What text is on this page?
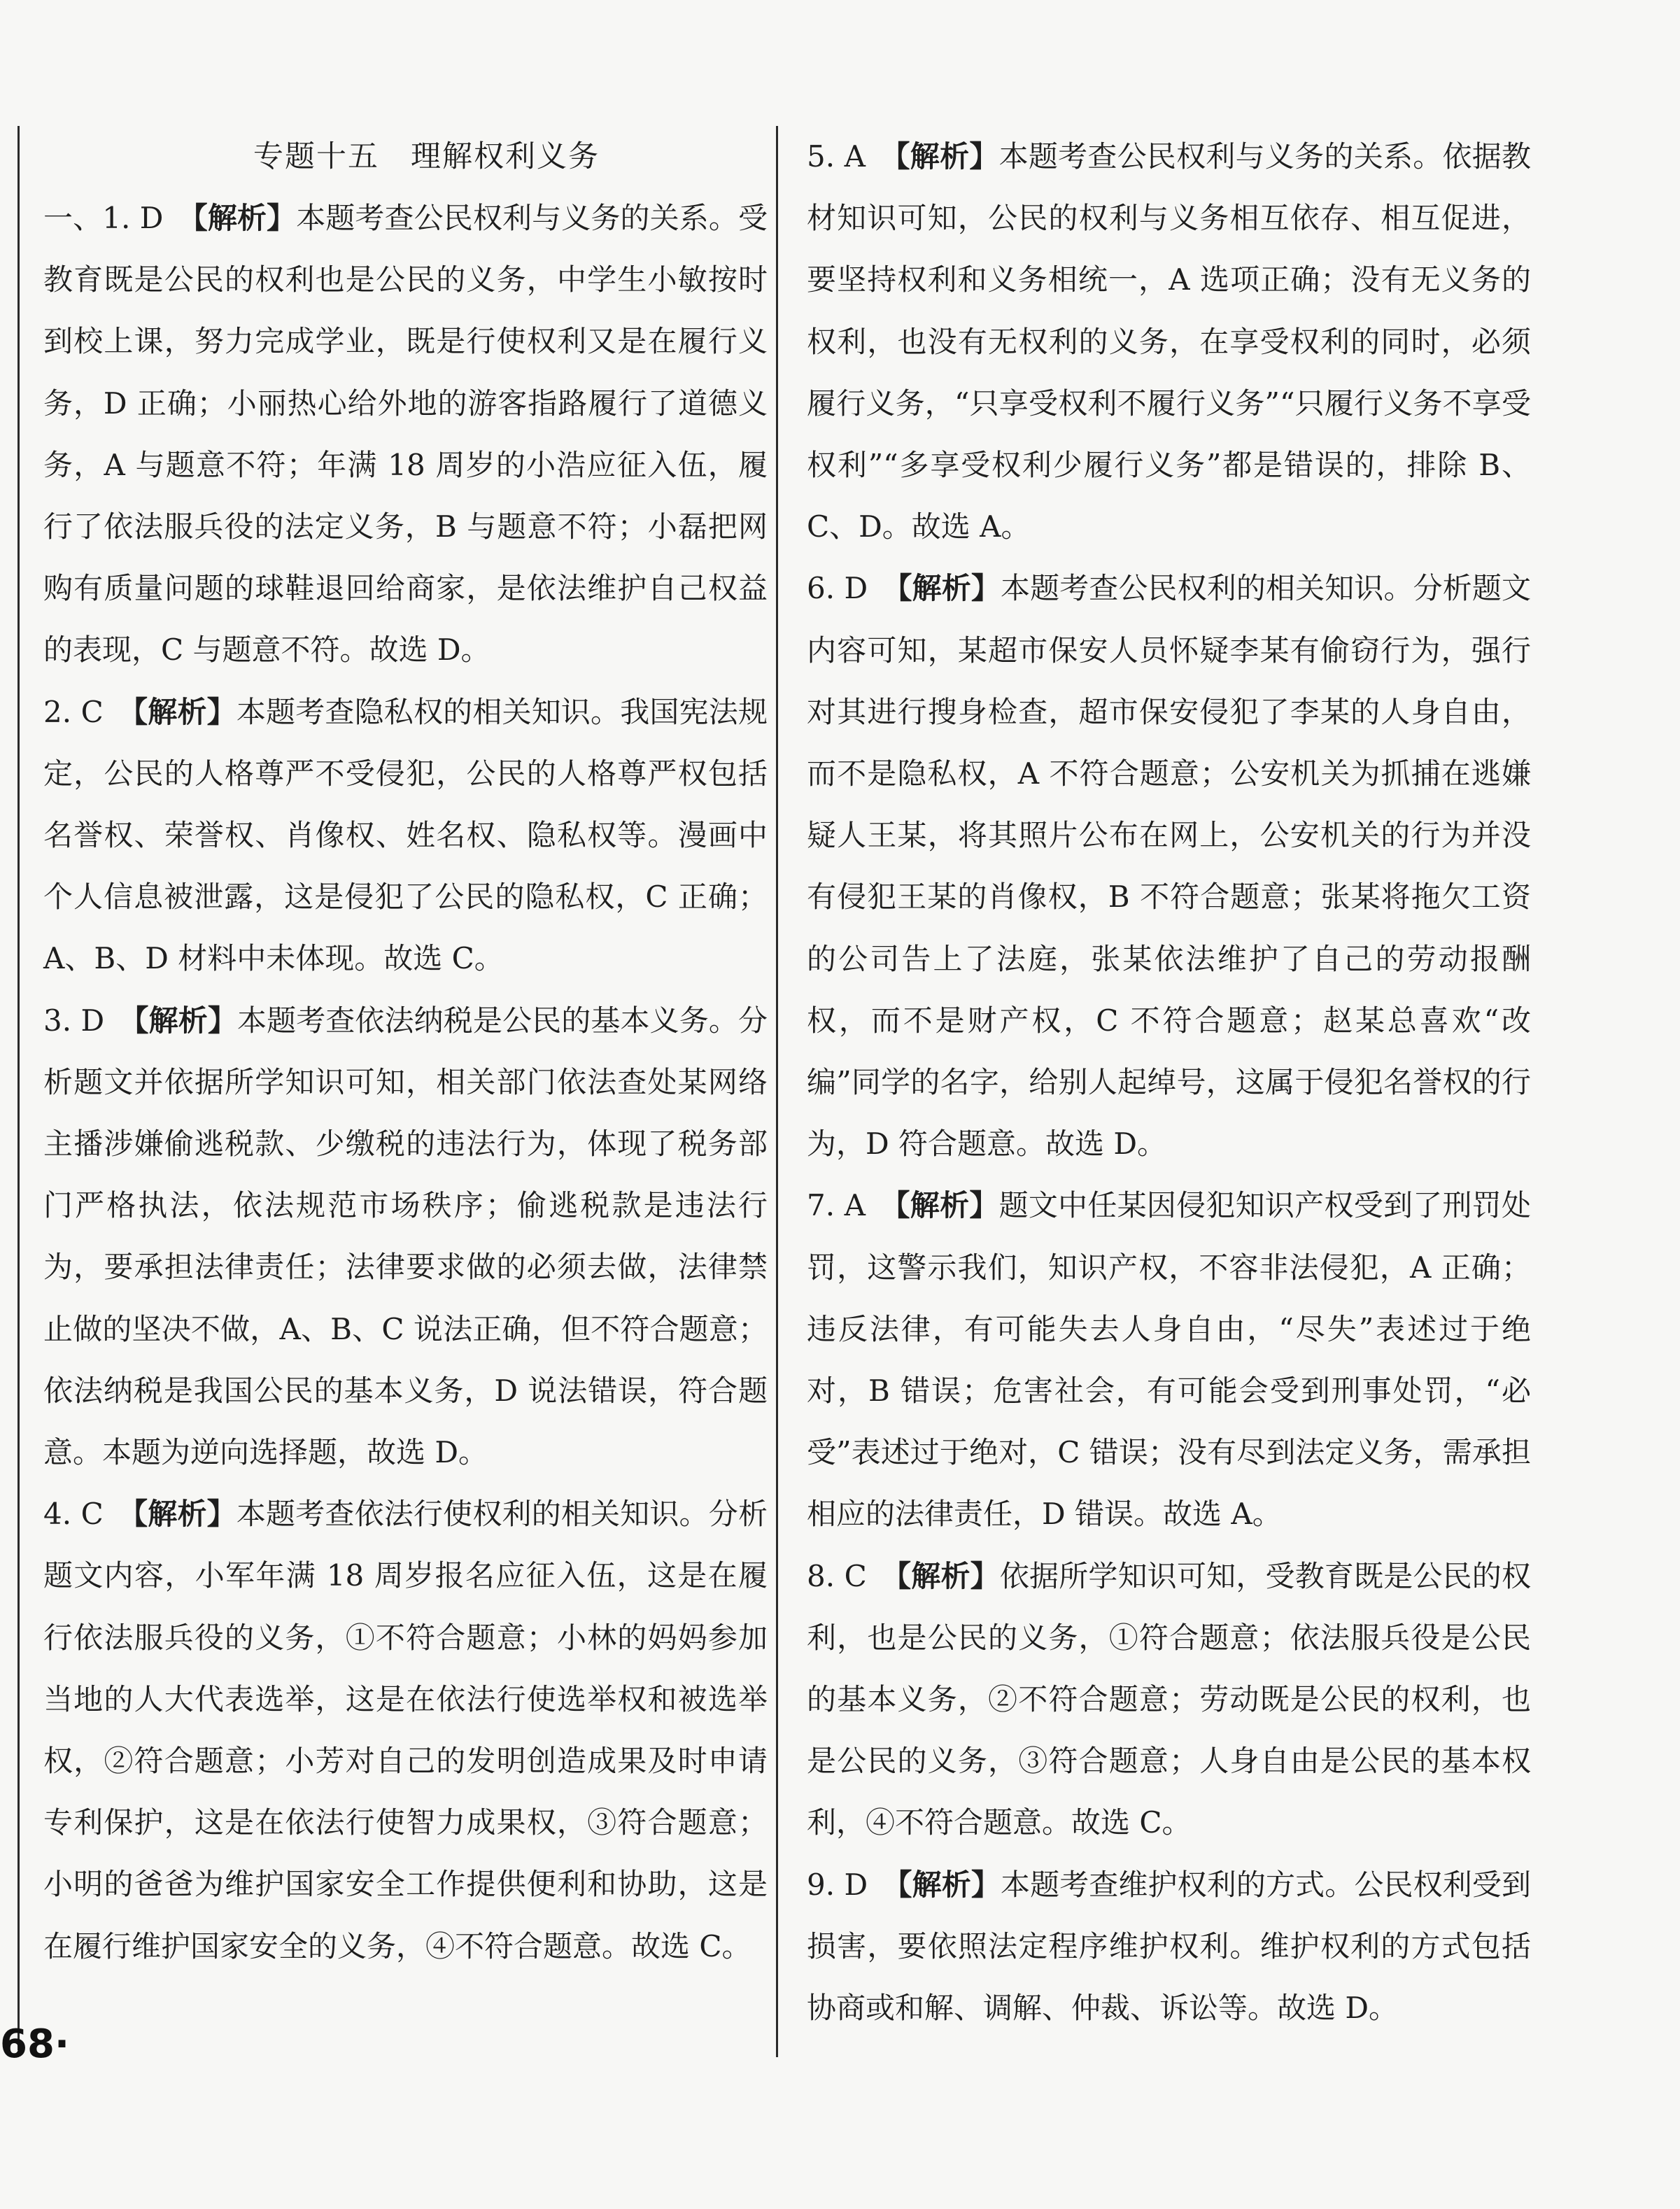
专题十五　理解权利义务

一、1. D　 【解析】本题考查公民权利与义务的关系。受教育既是公民的权利也是公民的义务，中学生小敏按时到校上课，努力完成学业，既是行使权利又是在履行义务，D 正确；小丽热心给外地的游客指路履行了道德义务，A 与题意不符；年满 18 周岁的小浩应征入伍，履行了依法服兵役的法定义务，B 与题意不符；小磊把网购有质量问题的球鞋退回给商家，是依法维护自己权益的表现，C 与题意不符。故选 D。

2. C　 【解析】本题考查隐私权的相关知识。我国宪法规定，公民的人格尊严不受侵犯，公民的人格尊严权包括名誉权、荣誉权、肖像权、姓名权、隐私权等。漫画中个人信息被泄露，这是侵犯了公民的隐私权，C 正确；A、B、D 材料中未体现。故选 C。

3. D　 【解析】本题考查依法纳税是公民的基本义务。分析题文并依据所学知识可知，相关部门依法查处某网络主播涉嫌偷逃税款、少缴税的违法行为，体现了税务部门严格执法，依法规范市场秩序；偷逃税款是违法行为，要承担法律责任；法律要求做的必须去做，法律禁止做的坚决不做，A、B、C 说法正确，但不符合题意；依法纳税是我国公民的基本义务，D 说法错误，符合题意。本题为逆向选择题，故选 D。

4. C　 【解析】本题考查依法行使权利的相关知识。分析题文内容，小军年满 18 周岁报名应征入伍，这是在履行依法服兵役的义务，①不符合题意；小林的妈妈参加当地的人大代表选举，这是在依法行使选举权和被选举权，②符合题意；小芳对自己的发明创造成果及时申请专利保护，这是在依法行使智力成果权，③符合题意；小明的爸爸为维护国家安全工作提供便利和协助，这是在履行维护国家安全的义务，④不符合题意。故选 C。

5. A　 【解析】本题考查公民权利与义务的关系。依据教材知识可知，公民的权利与义务相互依存、相互促进，要坚持权利和义务相统一，A 选项正确；没有无义务的权利，也没有无权利的义务，在享受权利的同时，必须履行义务，“只享受权利不履行义务”“只履行义务不享受权利”“多享受权利少履行义务”都是错误的，排除 B、C、D。故选 A。

6. D　 【解析】本题考查公民权利的相关知识。分析题文内容可知，某超市保安人员怀疑李某有偷窃行为，强行对其进行搜身检查，超市保安侵犯了李某的人身自由，而不是隐私权，A 不符合题意；公安机关为抓捕在逃嫌疑人王某，将其照片公布在网上，公安机关的行为并没有侵犯王某的肖像权，B 不符合题意；张某将拖欠工资的公司告上了法庭，张某依法维护了自己的劳动报酬权，而不是财产权，C 不符合题意；赵某总喜欢“改编”同学的名字，给别人起绰号，这属于侵犯名誉权的行为，D 符合题意。故选 D。

7. A　 【解析】题文中任某因侵犯知识产权受到了刑罚处罚，这警示我们，知识产权，不容非法侵犯，A 正确；违反法律，有可能失去人身自由，“尽失”表述过于绝对，B 错误；危害社会，有可能会受到刑事处罚，“必受”表述过于绝对，C 错误；没有尽到法定义务，需承担相应的法律责任，D 错误。故选 A。

8. C　 【解析】依据所学知识可知，受教育既是公民的权利，也是公民的义务，①符合题意；依法服兵役是公民的基本义务，②不符合题意；劳动既是公民的权利，也是公民的义务，③符合题意；人身自由是公民的基本权利，④不符合题意。故选 C。

9. D　 【解析】本题考查维护权利的方式。公民权利受到损害，要依照法定程序维护权利。维护权利的方式包括协商或和解、调解、仲裁、诉讼等。故选 D。

68·
